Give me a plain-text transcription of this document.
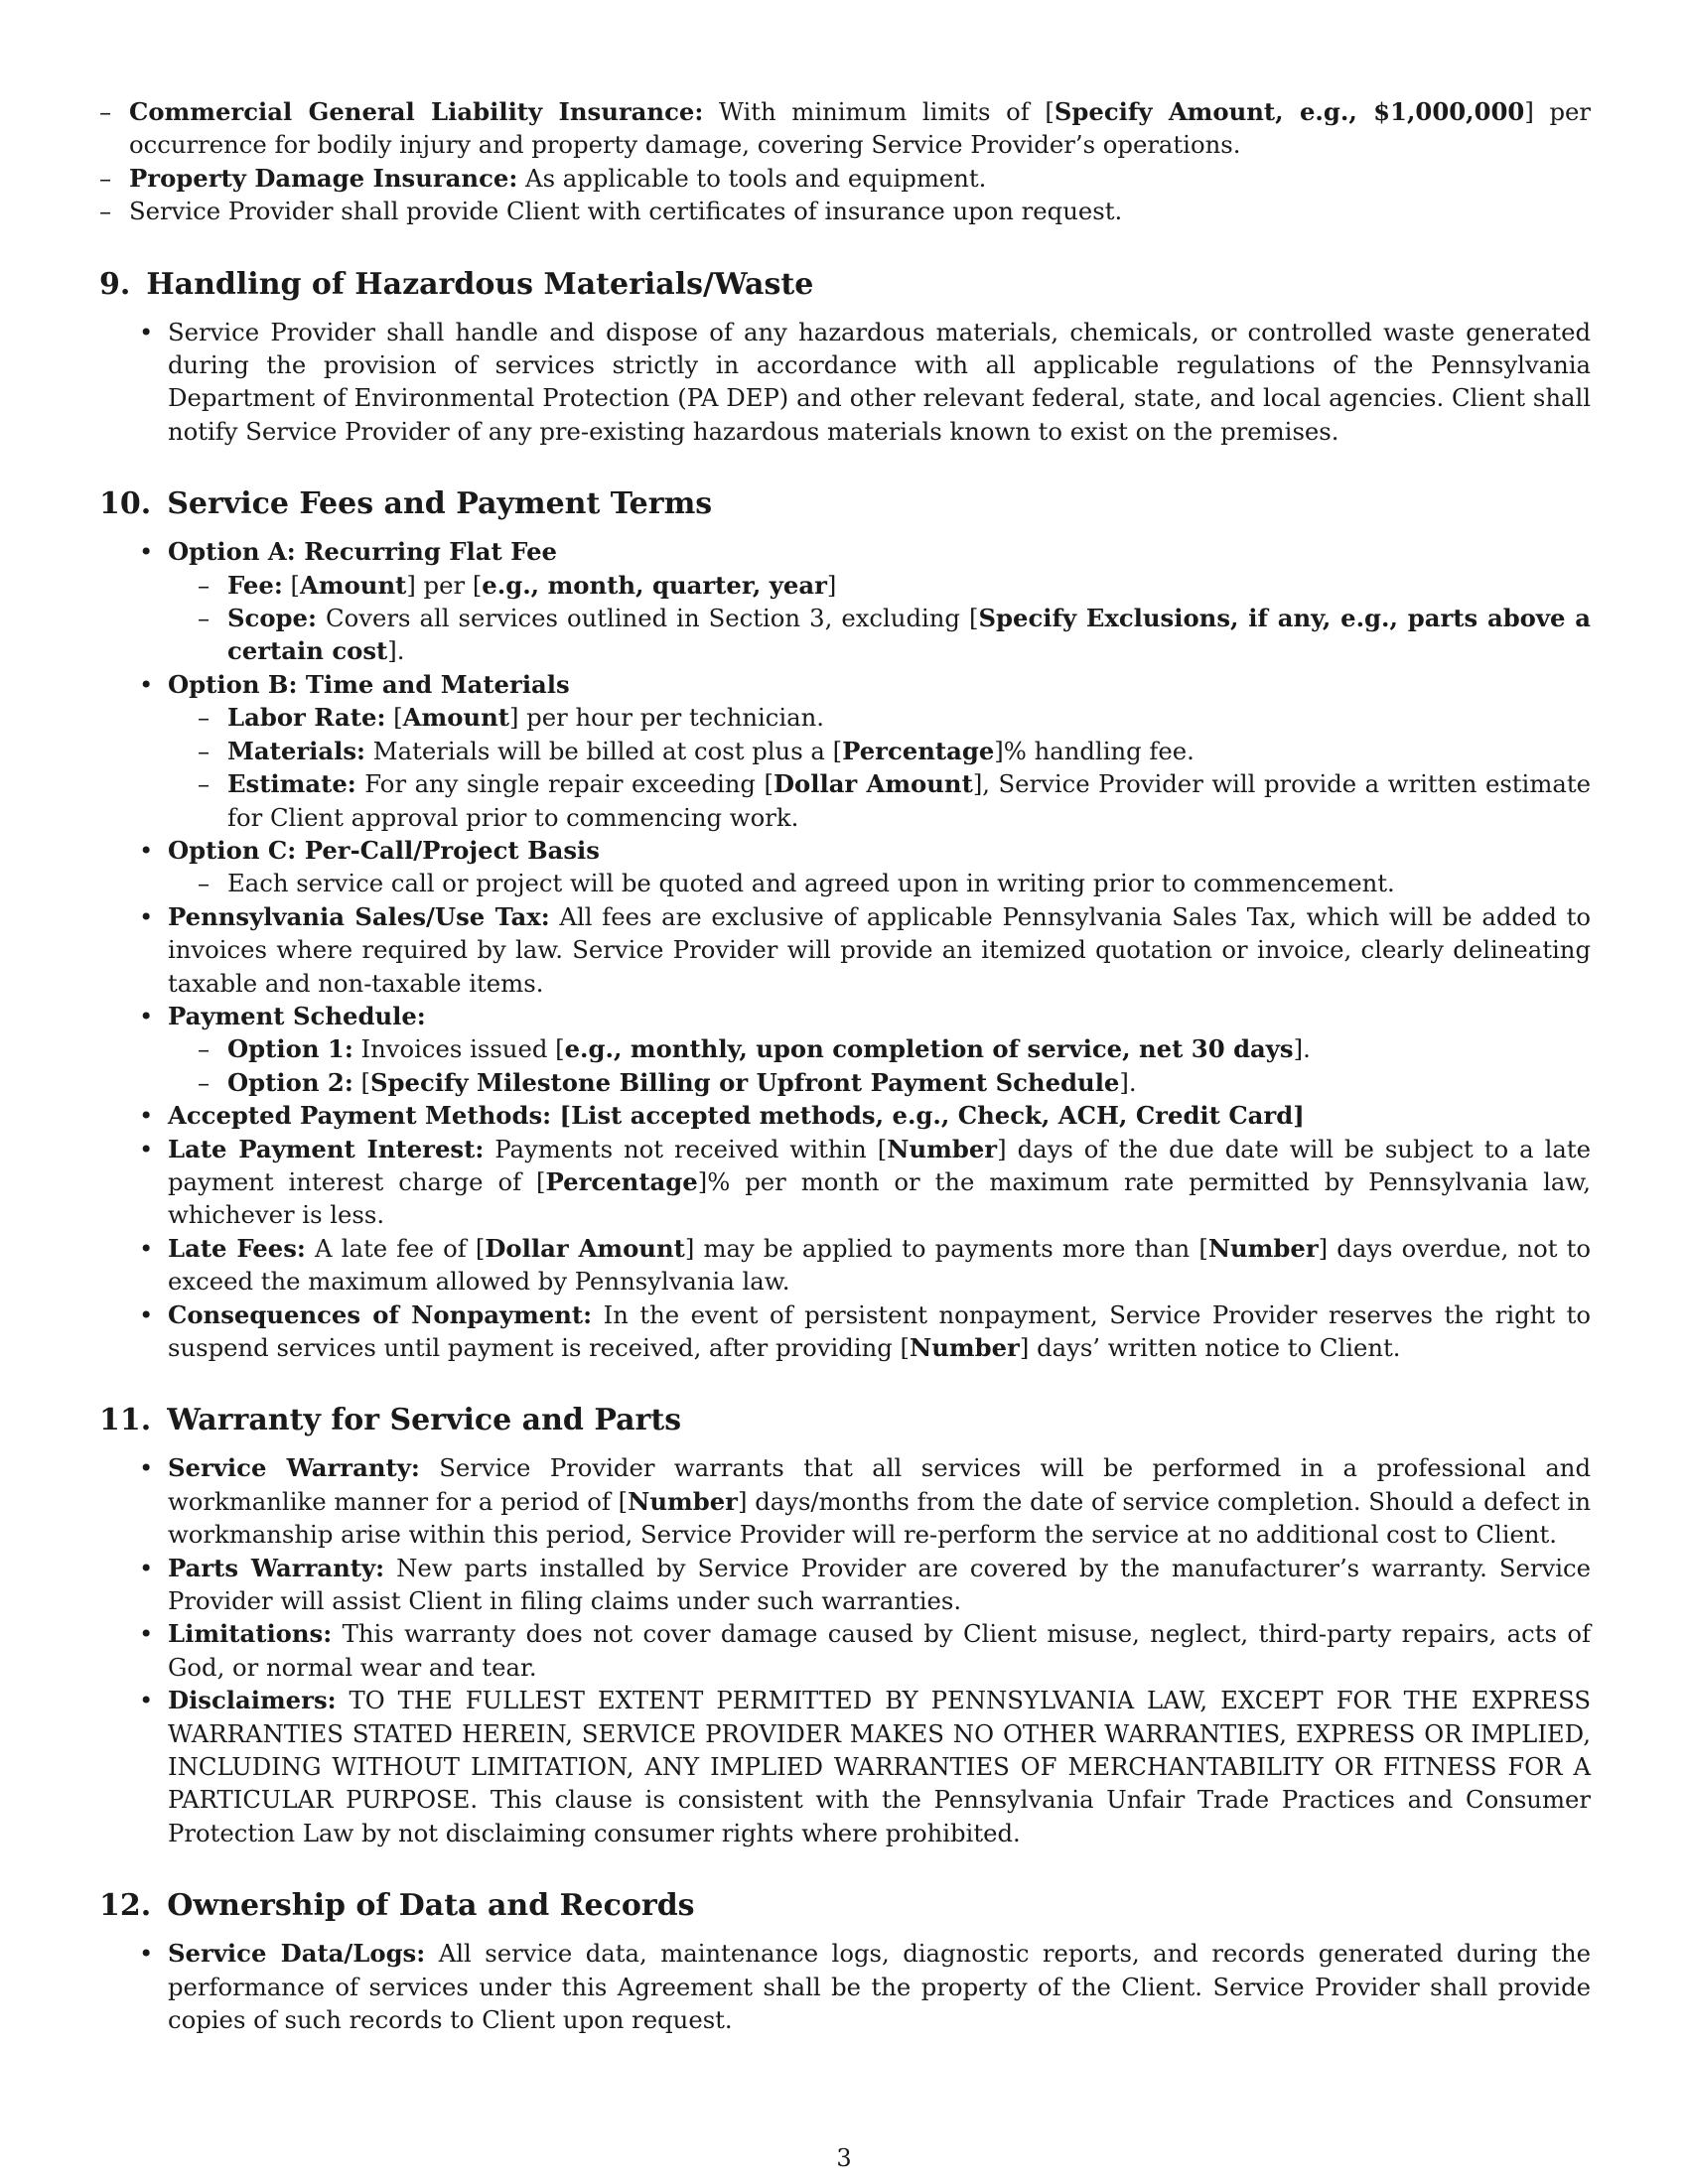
– Commercial General Liability Insurance: With minimum limits of [Specify Amount, e.g., $1,000,000] per occurrence for bodily injury and property damage, covering Service Provider’s operations.
– Property Damage Insurance: As applicable to tools and equipment.
– Service Provider shall provide Client with certificates of insurance upon request.
9. Handling of Hazardous Materials/Waste
• Service Provider shall handle and dispose of any hazardous materials, chemicals, or controlled waste generated during the provision of services strictly in accordance with all applicable regulations of the Pennsylvania Department of Environmental Protection (PA DEP) and other relevant federal, state, and local agencies. Client shall notify Service Provider of any pre-existing hazardous materials known to exist on the premises.
10. Service Fees and Payment Terms
• Option A: Recurring Flat Fee
– Fee: [Amount] per [e.g., month, quarter, year]
– Scope: Covers all services outlined in Section 3, excluding [Specify Exclusions, if any, e.g., parts above a certain cost].
• Option B: Time and Materials
– Labor Rate: [Amount] per hour per technician.
– Materials: Materials will be billed at cost plus a [Percentage]% handling fee.
– Estimate: For any single repair exceeding [Dollar Amount], Service Provider will provide a written estimate for Client approval prior to commencing work.
• Option C: Per-Call/Project Basis
– Each service call or project will be quoted and agreed upon in writing prior to commencement.
• Pennsylvania Sales/Use Tax: All fees are exclusive of applicable Pennsylvania Sales Tax, which will be added to invoices where required by law. Service Provider will provide an itemized quotation or invoice, clearly delineating taxable and non-taxable items.
• Payment Schedule:
– Option 1: Invoices issued [e.g., monthly, upon completion of service, net 30 days].
– Option 2: [Specify Milestone Billing or Upfront Payment Schedule].
• Accepted Payment Methods: [List accepted methods, e.g., Check, ACH, Credit Card]
• Late Payment Interest: Payments not received within [Number] days of the due date will be subject to a late payment interest charge of [Percentage]% per month or the maximum rate permitted by Pennsylvania law, whichever is less.
• Late Fees: A late fee of [Dollar Amount] may be applied to payments more than [Number] days overdue, not to exceed the maximum allowed by Pennsylvania law.
• Consequences of Nonpayment: In the event of persistent nonpayment, Service Provider reserves the right to suspend services until payment is received, after providing [Number] days’ written notice to Client.
11. Warranty for Service and Parts
• Service Warranty: Service Provider warrants that all services will be performed in a professional and workmanlike manner for a period of [Number] days/months from the date of service completion. Should a defect in workmanship arise within this period, Service Provider will re-perform the service at no additional cost to Client.
• Parts Warranty: New parts installed by Service Provider are covered by the manufacturer’s warranty. Service Provider will assist Client in filing claims under such warranties.
• Limitations: This warranty does not cover damage caused by Client misuse, neglect, third-party repairs, acts of God, or normal wear and tear.
• Disclaimers: TO THE FULLEST EXTENT PERMITTED BY PENNSYLVANIA LAW, EXCEPT FOR THE EXPRESS WARRANTIES STATED HEREIN, SERVICE PROVIDER MAKES NO OTHER WARRANTIES, EXPRESS OR IMPLIED, INCLUDING WITHOUT LIMITATION, ANY IMPLIED WARRANTIES OF MERCHANTABILITY OR FITNESS FOR A PARTICULAR PURPOSE. This clause is consistent with the Pennsylvania Unfair Trade Practices and Consumer Protection Law by not disclaiming consumer rights where prohibited.
12. Ownership of Data and Records
• Service Data/Logs: All service data, maintenance logs, diagnostic reports, and records generated during the performance of services under this Agreement shall be the property of the Client. Service Provider shall provide copies of such records to Client upon request.
3
